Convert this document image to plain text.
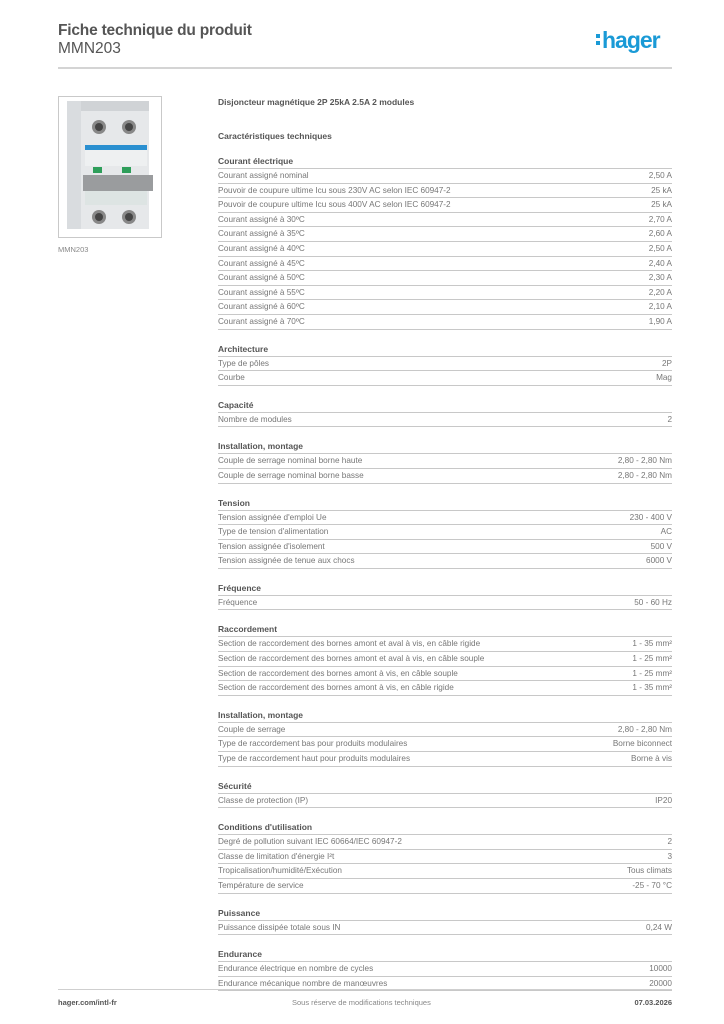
Fiche technique du produit
MMN203	hager
MMN203
Disjoncteur magnétique 2P 25kA 2.5A 2 modules
Caractéristiques techniques
Courant électrique
Courant assigné nominal	2,50 A
Pouvoir de coupure ultime Icu sous 230V AC selon IEC 60947-2	25 kA
Pouvoir de coupure ultime Icu sous 400V AC selon IEC 60947-2	25 kA
Courant assigné à 30ºC	2,70 A
Courant assigné à 35ºC	2,60 A
Courant assigné à 40ºC	2,50 A
Courant assigné à 45ºC	2,40 A
Courant assigné à 50ºC	2,30 A
Courant assigné à 55ºC	2,20 A
Courant assigné à 60ºC	2,10 A
Courant assigné à 70ºC	1,90 A
Architecture
Type de pôles	2P
Courbe	Mag
Capacité
Nombre de modules	2
Installation, montage
Couple de serrage nominal borne haute	2,80 - 2,80 Nm
Couple de serrage nominal borne basse	2,80 - 2,80 Nm
Tension
Tension assignée d'emploi Ue	230 - 400 V
Type de tension d'alimentation	AC
Tension assignée d'isolement	500 V
Tension assignée de tenue aux chocs	6000 V
Fréquence
Fréquence	50 - 60 Hz
Raccordement
Section de raccordement des bornes amont et aval à vis, en câble rigide	1 - 35 mm²
Section de raccordement des bornes amont et aval à vis, en câble souple	1 - 25 mm²
Section de raccordement des bornes amont à vis, en câble souple	1 - 25 mm²
Section de raccordement des bornes amont à vis, en câble rigide	1 - 35 mm²
Installation, montage
Couple de serrage	2,80 - 2,80 Nm
Type de raccordement bas pour produits modulaires	Borne biconnect
Type de raccordement haut pour produits modulaires	Borne à vis
Sécurité
Classe de protection (IP)	IP20
Conditions d'utilisation
Degré de pollution suivant IEC 60664/IEC 60947-2	2
Classe de limitation d'énergie I²t	3
Tropicalisation/humidité/Exécution	Tous climats
Température de service	-25 - 70 °C
Puissance
Puissance dissipée totale sous IN	0,24 W
Endurance
Endurance électrique en nombre de cycles	10000
Endurance mécanique nombre de manœuvres	20000
hager.com/intl-fr	Sous réserve de modifications techniques	07.03.2026
